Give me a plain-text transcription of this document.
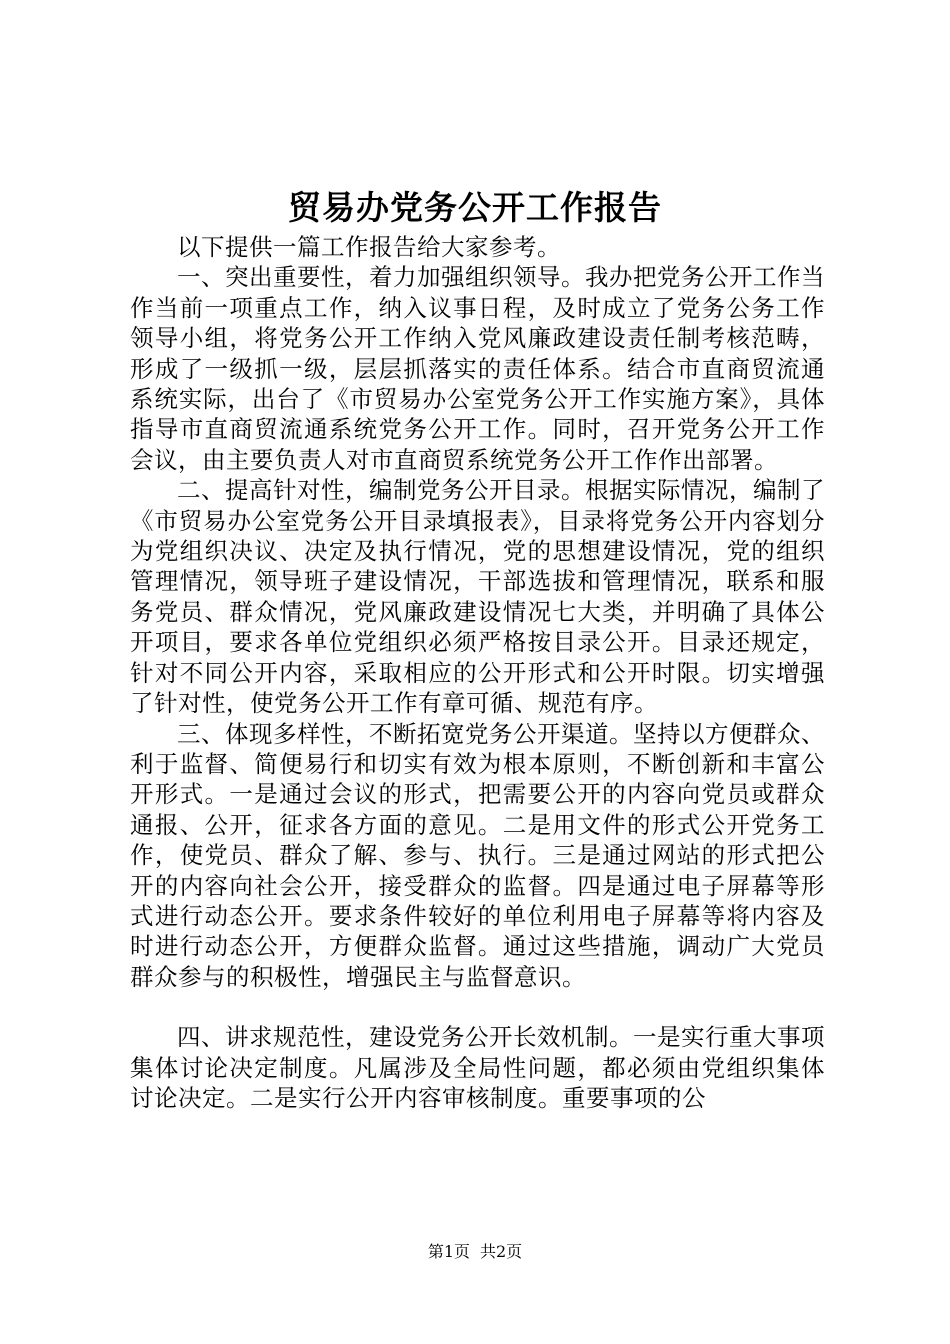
贸易办党务公开工作报告

以下提供一篇工作报告给大家参考。

一、突出重要性，着力加强组织领导。我办把党务公开工作当作当前一项重点工作，纳入议事日程，及时成立了党务公务工作领导小组，将党务公开工作纳入党风廉政建设责任制考核范畴，形成了一级抓一级，层层抓落实的责任体系。结合市直商贸流通系统实际，出台了《市贸易办公室党务公开工作实施方案》，具体指导市直商贸流通系统党务公开工作。同时，召开党务公开工作会议，由主要负责人对市直商贸系统党务公开工作作出部署。

二、提高针对性，编制党务公开目录。根据实际情况，编制了《市贸易办公室党务公开目录填报表》，目录将党务公开内容划分为党组织决议、决定及执行情况，党的思想建设情况，党的组织管理情况，领导班子建设情况，干部选拔和管理情况，联系和服务党员、群众情况，党风廉政建设情况七大类，并明确了具体公开项目，要求各单位党组织必须严格按目录公开。目录还规定，针对不同公开内容，采取相应的公开形式和公开时限。切实增强了针对性，使党务公开工作有章可循、规范有序。

三、体现多样性，不断拓宽党务公开渠道。坚持以方便群众、利于监督、简便易行和切实有效为根本原则，不断创新和丰富公开形式。一是通过会议的形式，把需要公开的内容向党员或群众通报、公开，征求各方面的意见。二是用文件的形式公开党务工作，使党员、群众了解、参与、执行。三是通过网站的形式把公开的内容向社会公开，接受群众的监督。四是通过电子屏幕等形式进行动态公开。要求条件较好的单位利用电子屏幕等将内容及时进行动态公开，方便群众监督。通过这些措施，调动广大党员群众参与的积极性，增强民主与监督意识。

四、讲求规范性，建设党务公开长效机制。一是实行重大事项集体讨论决定制度。凡属涉及全局性问题，都必须由党组织集体讨论决定。二是实行公开内容审核制度。重要事项的公

第1页 共2页
